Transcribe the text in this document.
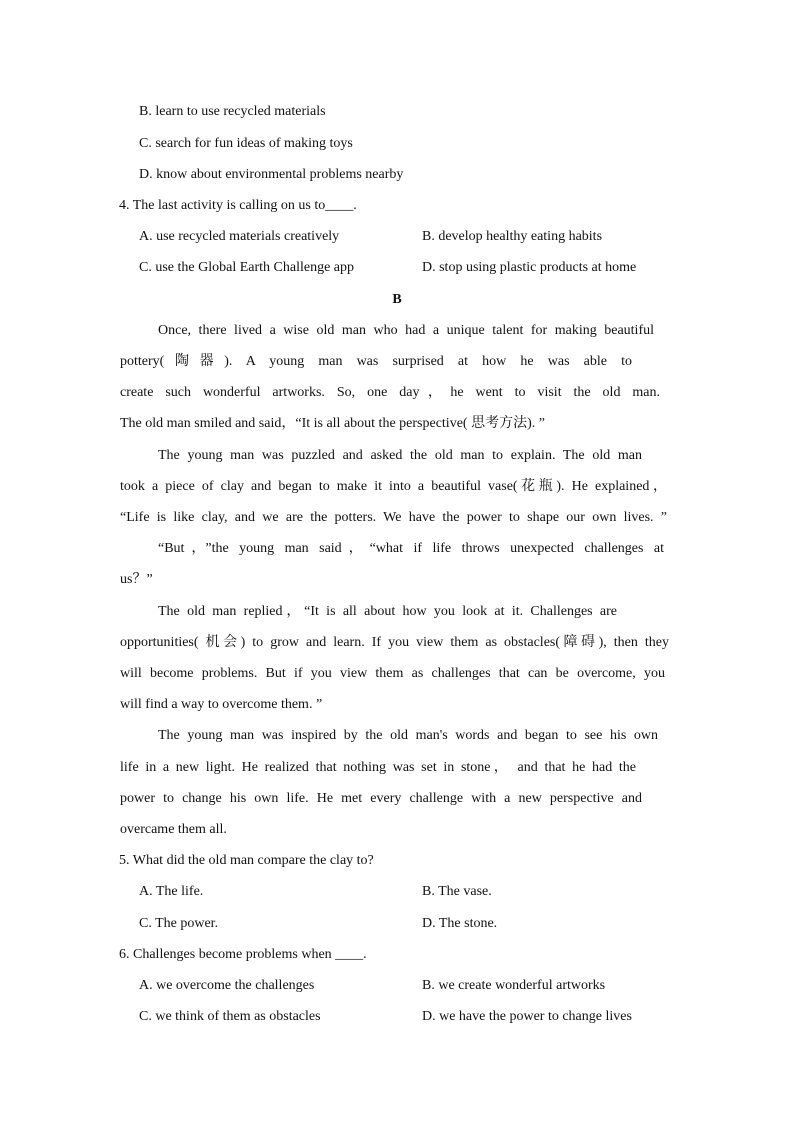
B. learn to use recycled materials
C. search for fun ideas of making toys
D. know about environmental problems nearby
4. The last activity is calling on us to____.
A. use recycled materials creatively	B. develop healthy eating habits
C. use the Global Earth Challenge app	D. stop using plastic products at home
B
Once, there lived a wise old man who had a unique talent for making beautiful
pottery(陶器). A young man was surprised at how he was able to
create such wonderful artworks. So, one day，he went to visit the old man.
The old man smiled and said，“It is all about the perspective( 思考方法). ”
The young man was puzzled and asked the old man to explain. The old man
took a piece of clay and began to make it into a beautiful vase(花瓶). He explained，
“Life is like clay, and we are the potters. We have the power to shape our own lives. ”
“But，”the young man said，“what if life throws unexpected challenges at
us？”
The old man replied，“It is all about how you look at it. Challenges are
opportunities( 机会) to grow and learn. If you view them as obstacles(障碍), then they
will become problems. But if you view them as challenges that can be overcome, you
will find a way to overcome them. ”
The young man was inspired by the old man's words and began to see his own
life in a new light. He realized that nothing was set in stone， and that he had the
power to change his own life. He met every challenge with a new perspective and
overcame them all.
5. What did the old man compare the clay to?
A. The life.	B. The vase.
C. The power.	D. The stone.
6. Challenges become problems when ____.
A. we overcome the challenges	B. we create wonderful artworks
C. we think of them as obstacles	D. we have the power to change lives
